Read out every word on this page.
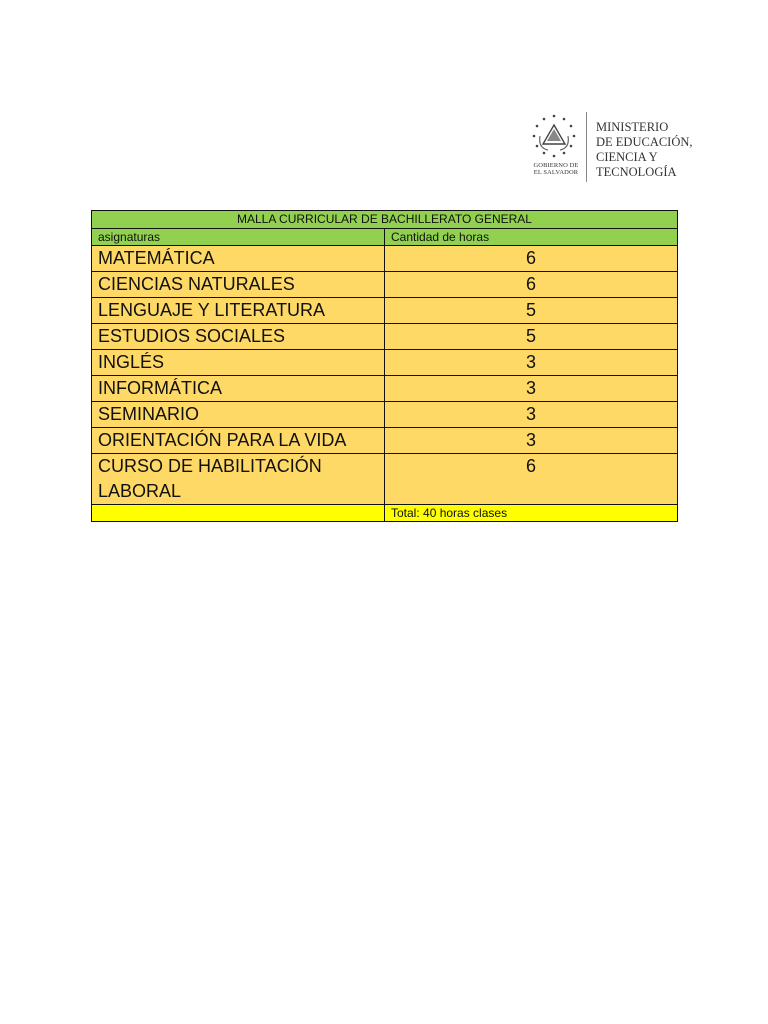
GOBIERNO DE
EL SALVADOR
MINISTERIO
DE EDUCACIÓN,
CIENCIA Y
TECNOLOGÍA
MALLA CURRICULAR DE BACHILLERATO GENERAL	
asignaturas	Cantidad de horas
MATEMÁTICA	6
CIENCIAS NATURALES	6
LENGUAJE Y LITERATURA	5
ESTUDIOS SOCIALES	5
INGLÉS	3
INFORMÁTICA	3
SEMINARIO	3
ORIENTACIÓN PARA LA VIDA	3
CURSO DE HABILITACIÓN LABORAL	6
	Total: 40 horas clases
